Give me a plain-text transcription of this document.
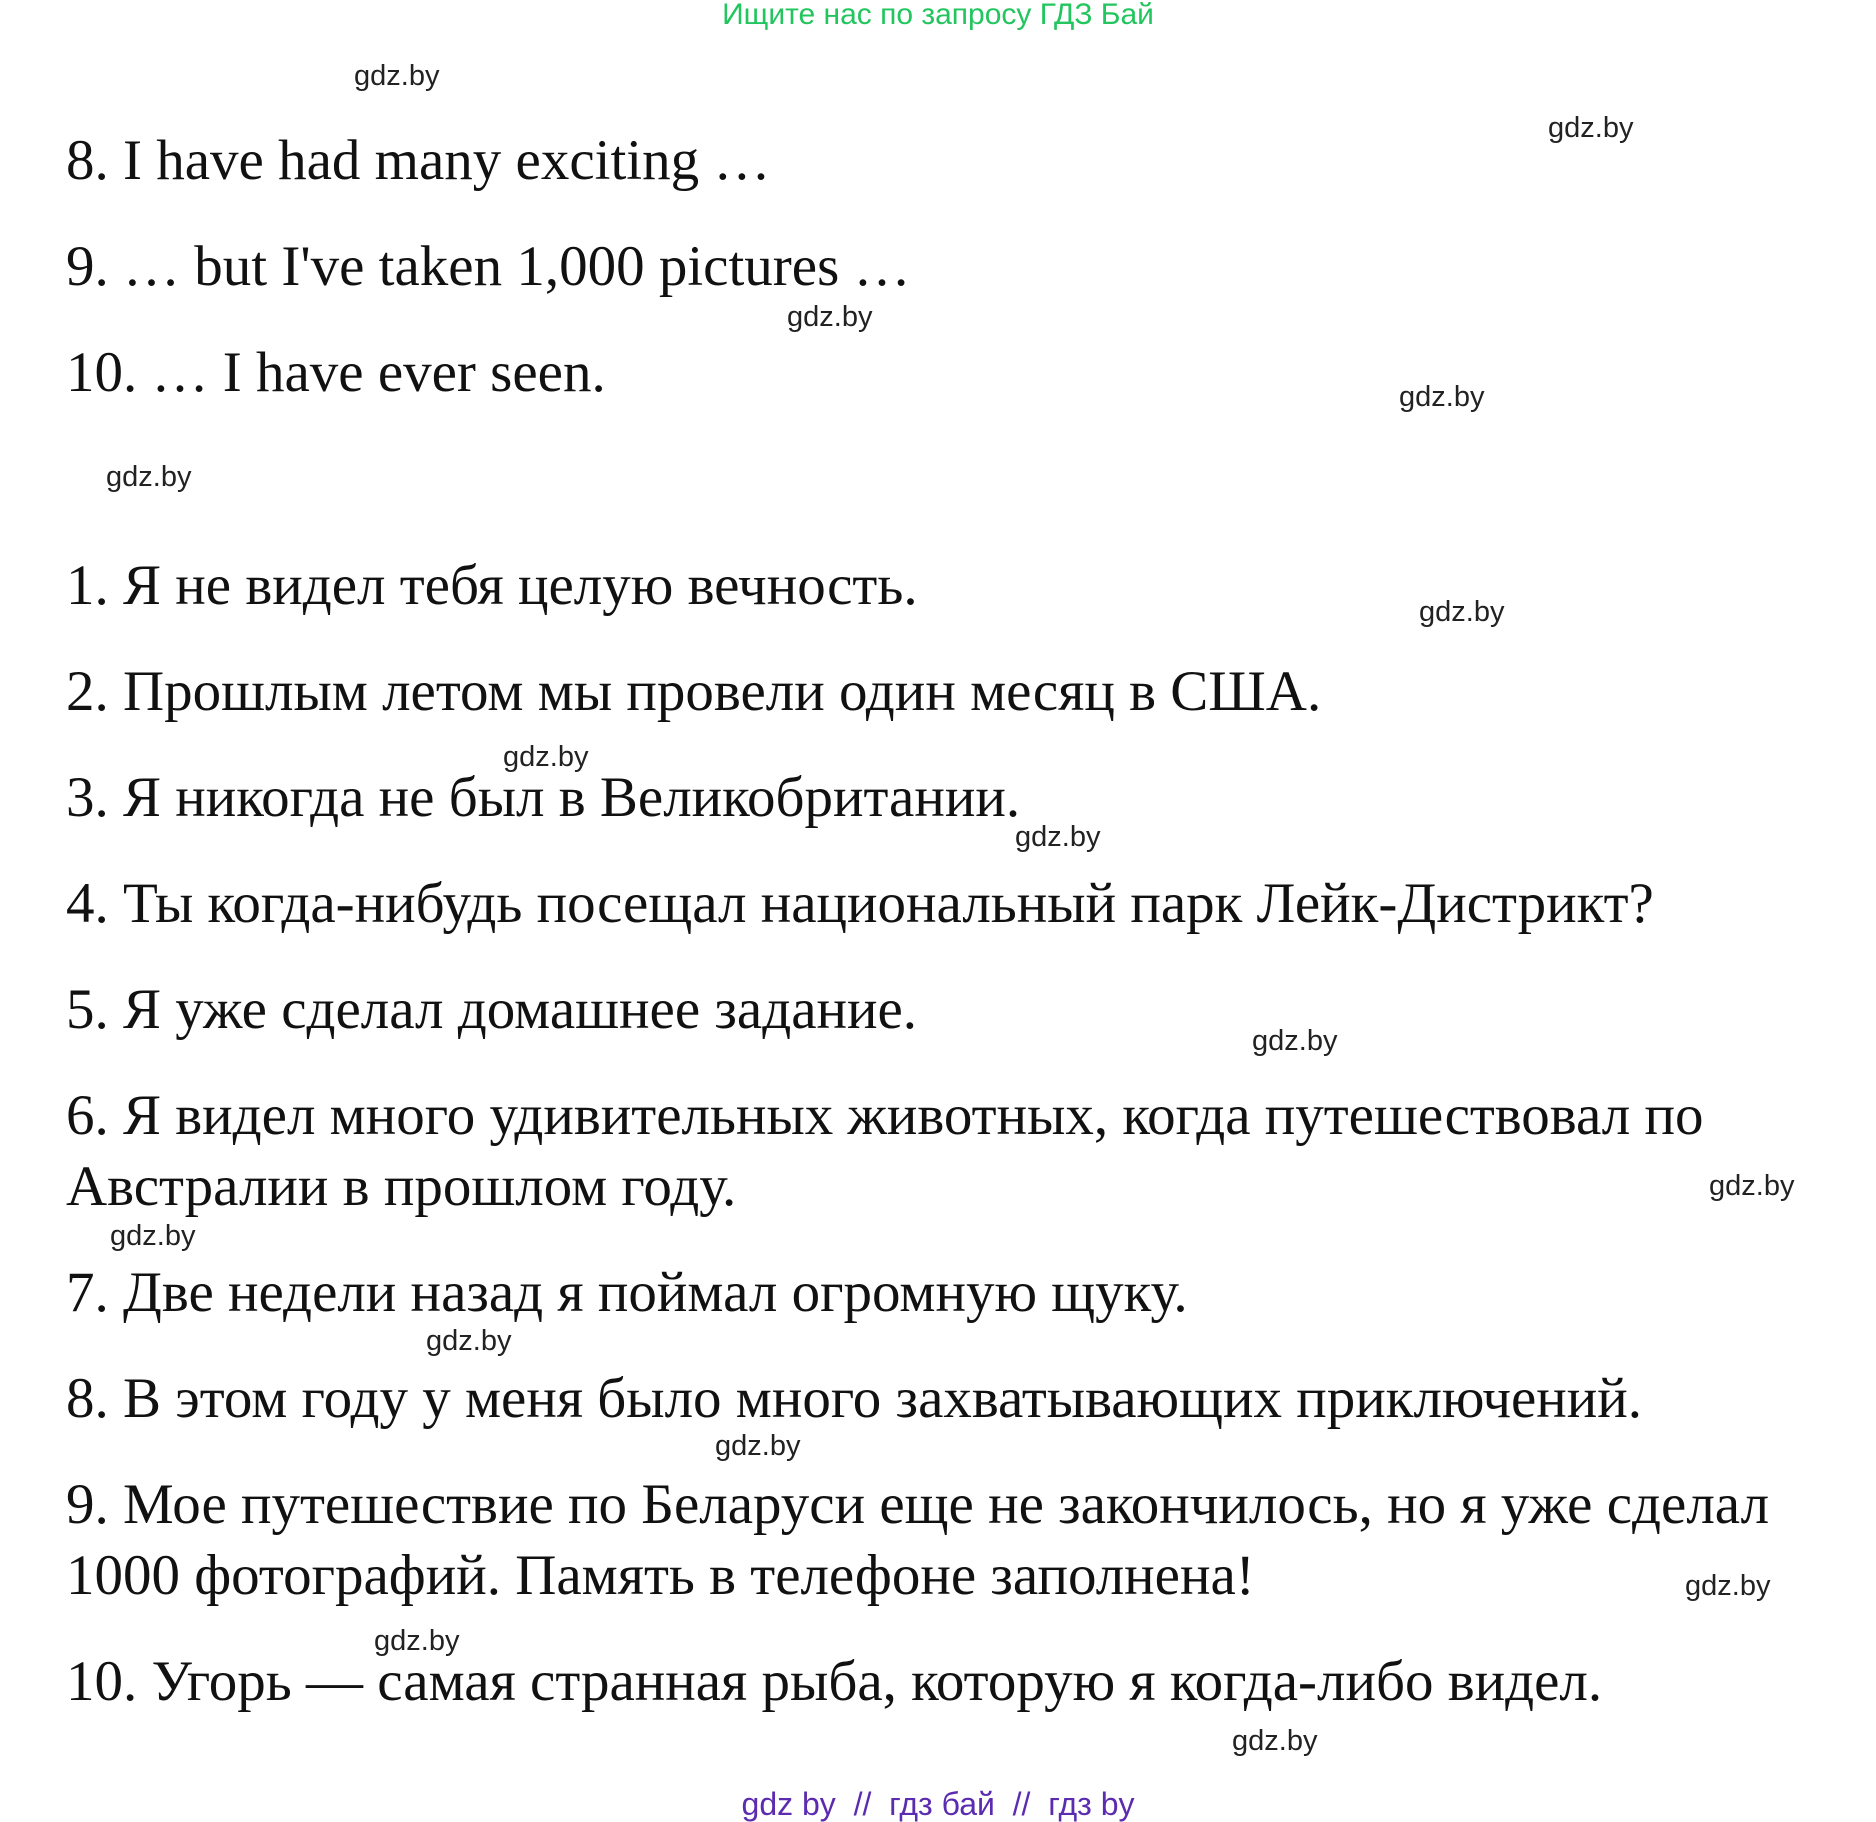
Ищите нас по запросу ГДЗ Бай
8. I have had many exciting …
9. … but I've taken 1,000 pictures …
10. … I have ever seen.
1. Я не видел тебя целую вечность.
2. Прошлым летом мы провели один месяц в США.
3. Я никогда не был в Великобритании.
4. Ты когда-нибудь посещал национальный парк Лейк-Дистрикт?
5. Я уже сделал домашнее задание.
6. Я видел много удивительных животных, когда путешествовал по
Австралии в прошлом году.
7. Две недели назад я поймал огромную щуку.
8. В этом году у меня было много захватывающих приключений.
9. Мое путешествие по Беларуси еще не закончилось, но я уже сделал
1000 фотографий. Память в телефоне заполнена!
10. Угорь — самая странная рыба, которую я когда-либо видел.
gdz.by
gdz.by
gdz.by
gdz.by
gdz.by
gdz.by
gdz.by
gdz.by
gdz.by
gdz.by
gdz.by
gdz.by
gdz.by
gdz.by
gdz.by
gdz.by
gdz by  //  гдз бай  //  гдз by
